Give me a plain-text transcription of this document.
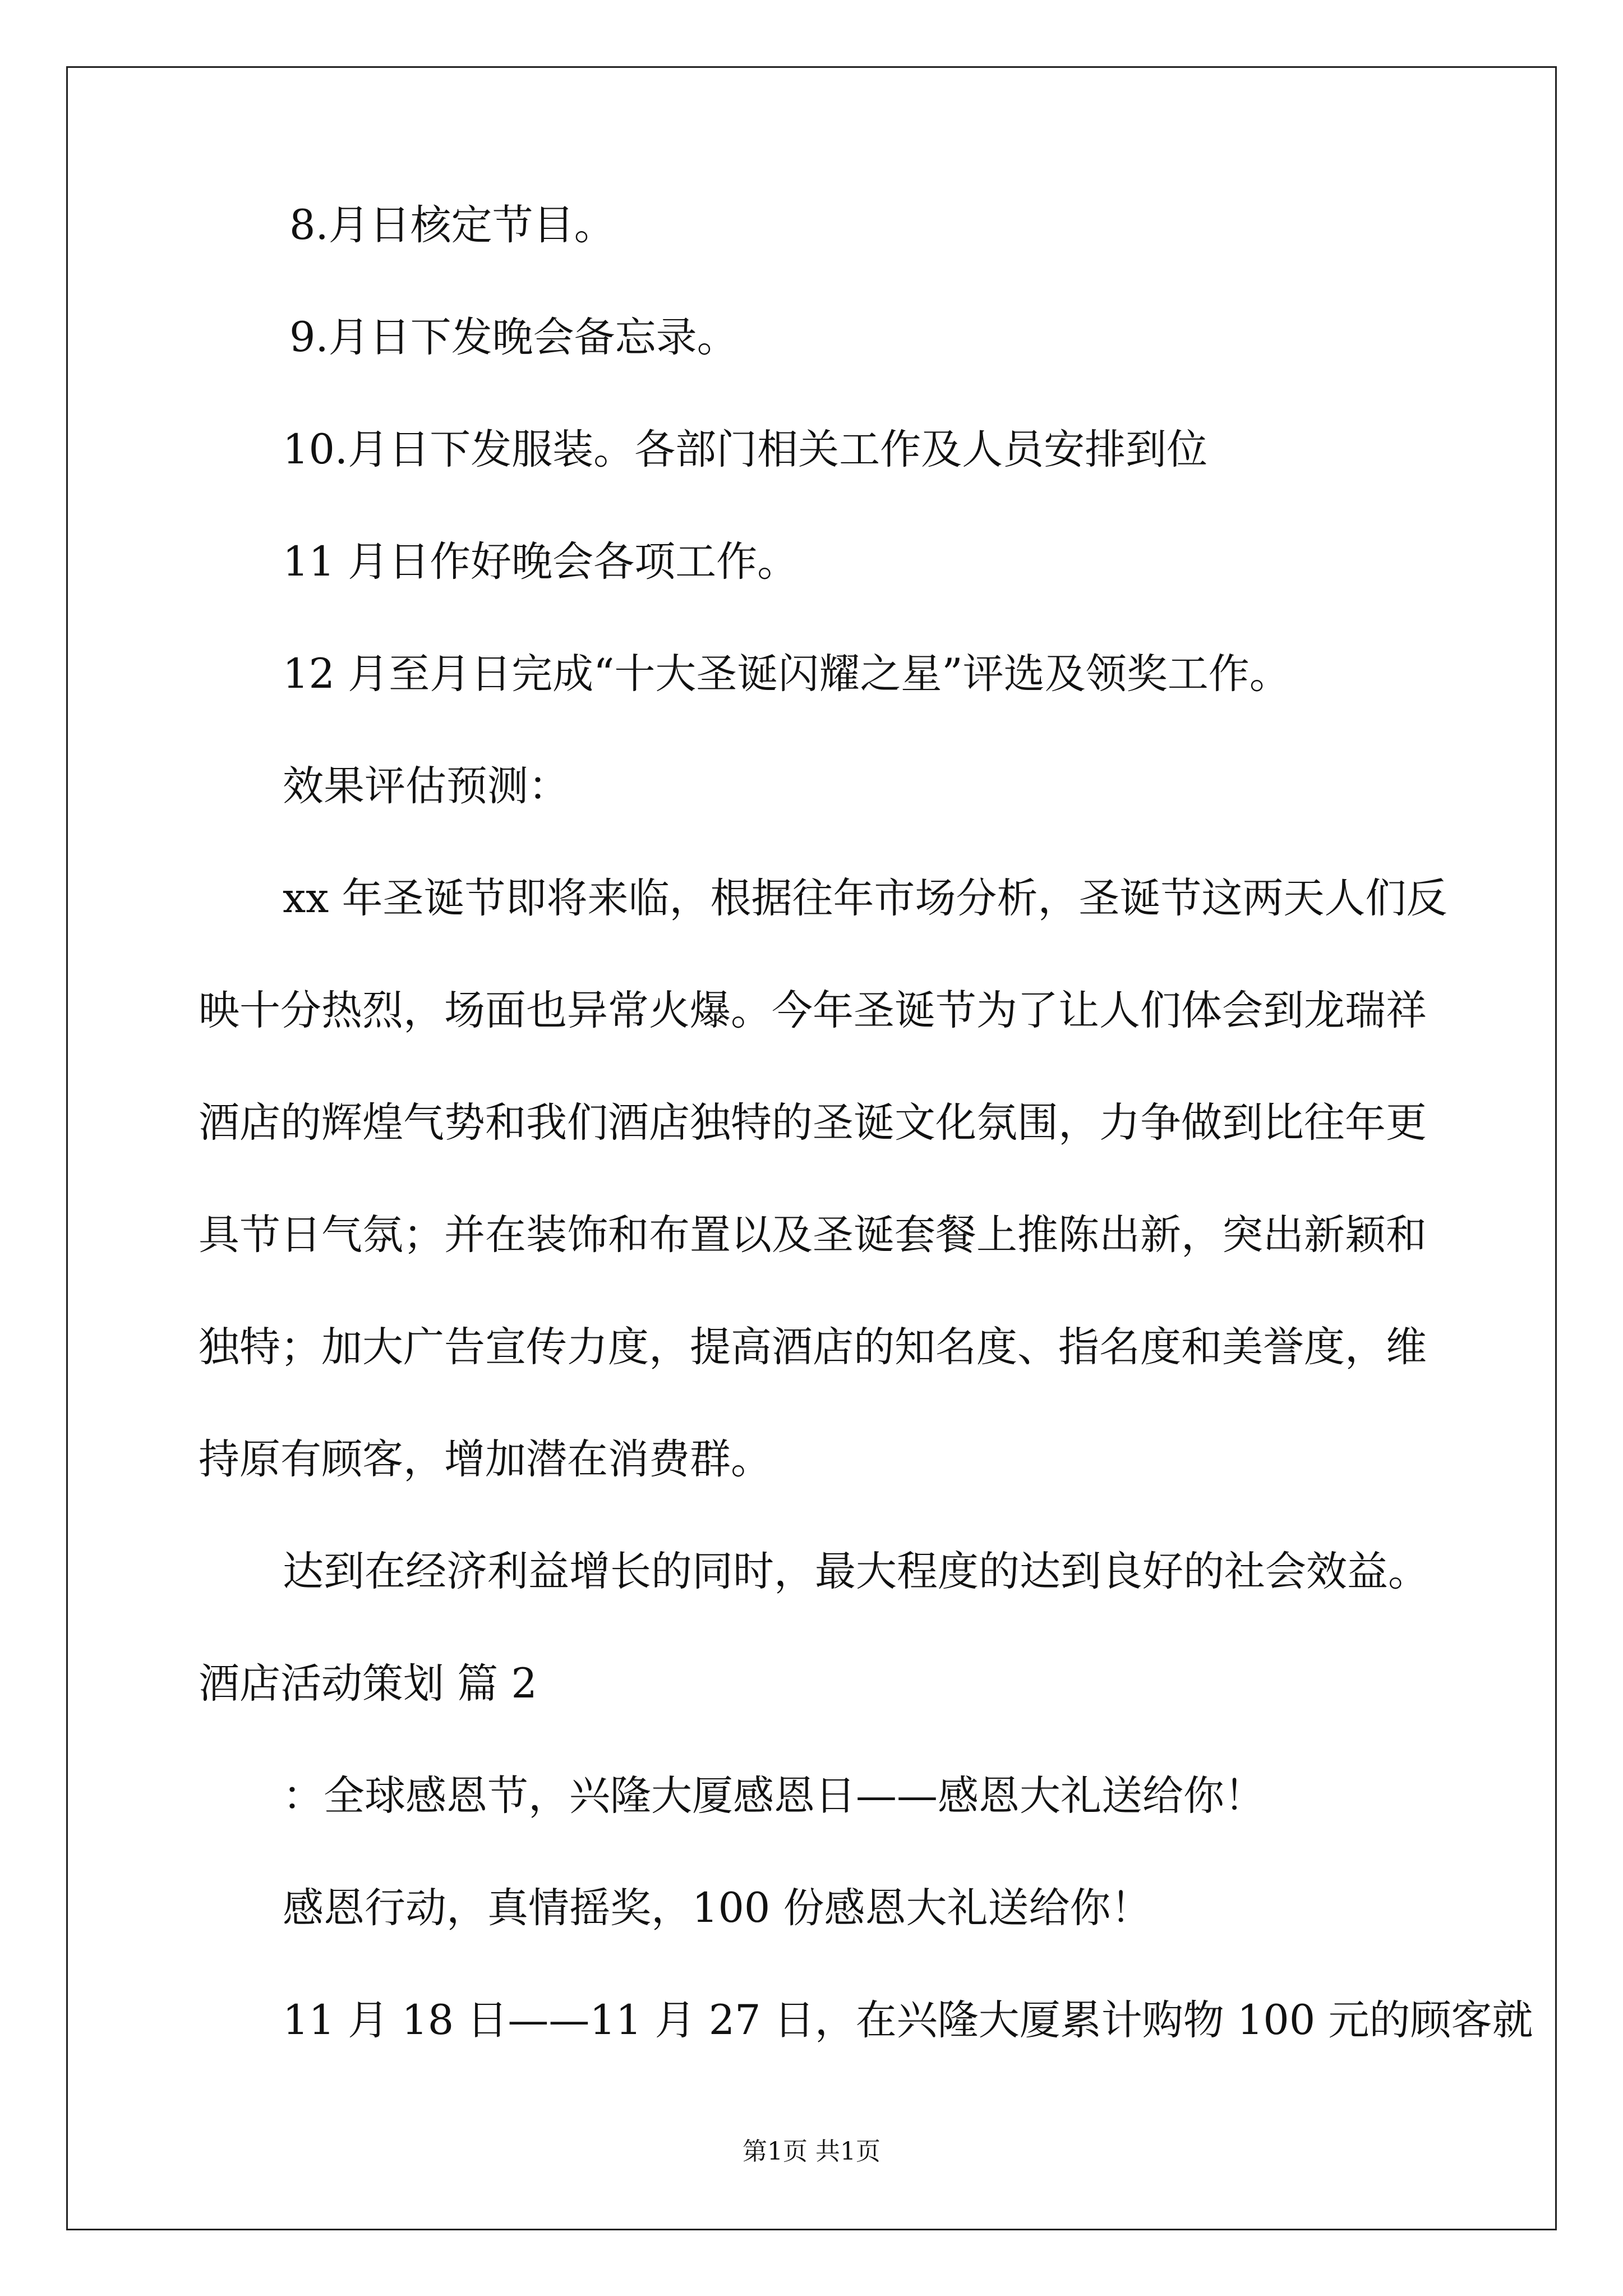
8.月日核定节目。
9.月日下发晚会备忘录。
10.月日下发服装。各部门相关工作及人员安排到位
11 月日作好晚会各项工作。
12 月至月日完成“十大圣诞闪耀之星”评选及领奖工作。
效果评估预测：
xx 年圣诞节即将来临，根据往年市场分析，圣诞节这两天人们反
映十分热烈，场面也异常火爆。今年圣诞节为了让人们体会到龙瑞祥
酒店的辉煌气势和我们酒店独特的圣诞文化氛围，力争做到比往年更
具节日气氛；并在装饰和布置以及圣诞套餐上推陈出新，突出新颖和
独特；加大广告宣传力度，提高酒店的知名度、指名度和美誉度，维
持原有顾客，增加潜在消费群。
达到在经济利益增长的同时，最大程度的达到良好的社会效益。
酒店活动策划 篇 2
：全球感恩节，兴隆大厦感恩日——感恩大礼送给你！
感恩行动，真情摇奖，100 份感恩大礼送给你！
11 月 18 日——11 月 27 日，在兴隆大厦累计购物 100 元的顾客就
第1页 共1页
